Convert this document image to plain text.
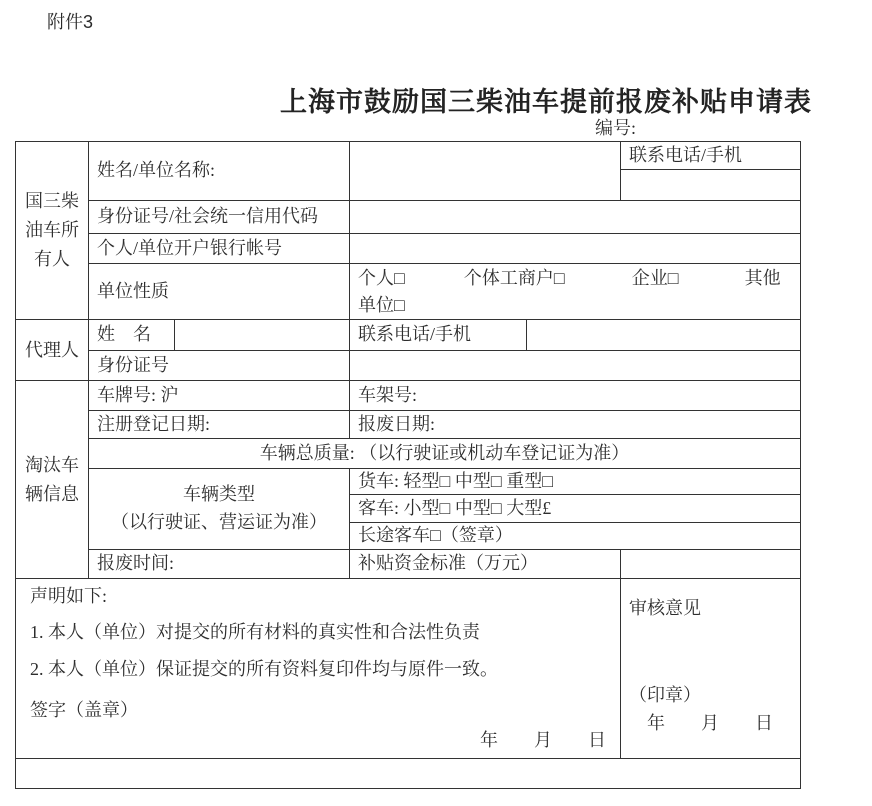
附件3
上海市鼓励国三柴油车提前报废补贴申请表
编号:
国三柴油车所有人	姓名/单位名称:				联系电话/手机

	身份证号/社会统一信用代码				
	个人/单位开户银行帐号				
	单位性质		个人□ 个体工商户□ 企业□ 其他单位□		

代理人	姓　名		联系电话/手机		
	身份证号				
淘汰车辆信息	车牌号: 沪		车架号:		
	注册登记日期:		报废日期:		
	车辆总质量: （以行驶证或机动车登记证为准）				

	车辆类型
（以行驶证、营运证为准）		货车: 轻型□ 中型□ 重型□		
			客车: 小型□ 中型□ 大型£		
			长途客车□（签章）		
	报废时间:		补贴资金标准（万元）		

声明如下:
1. 本人（单位）对提交的所有材料的真实性和合法性负责
2. 本人（单位）保证提交的所有资料复印件均与原件一致。
签字（盖章）
年　　月　　日

审核意见
（印章）
年　　月　　日
